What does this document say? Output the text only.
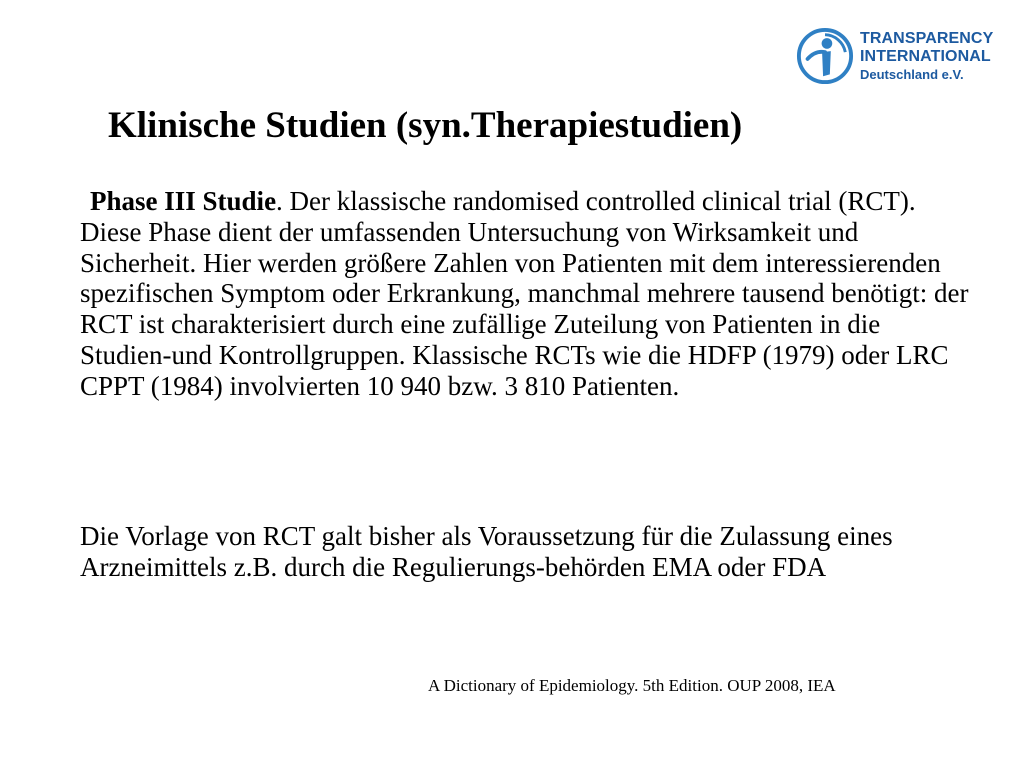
TRANSPARENCY
INTERNATIONAL
Deutschland e.V.
Klinische Studien (syn.Therapiestudien)

Phase III Studie. Der klassische randomised controlled clinical trial (RCT). Diese Phase dient der umfassenden Untersuchung von Wirksamkeit und Sicherheit. Hier werden größere Zahlen von Patienten mit dem interessierenden spezifischen Symptom oder Erkrankung, manchmal mehrere tausend benötigt: der RCT ist charakterisiert durch eine zufällige Zuteilung von Patienten in die Studien-und Kontrollgruppen. Klassische RCTs wie die HDFP (1979) oder LRC CPPT (1984) involvierten 10 940 bzw. 3 810 Patienten.

Die Vorlage von RCT galt bisher als Voraussetzung für die Zulassung eines Arzneimittels z.B. durch die Regulierungs-behörden EMA oder FDA

A Dictionary of Epidemiology. 5th Edition. OUP 2008, IEA
